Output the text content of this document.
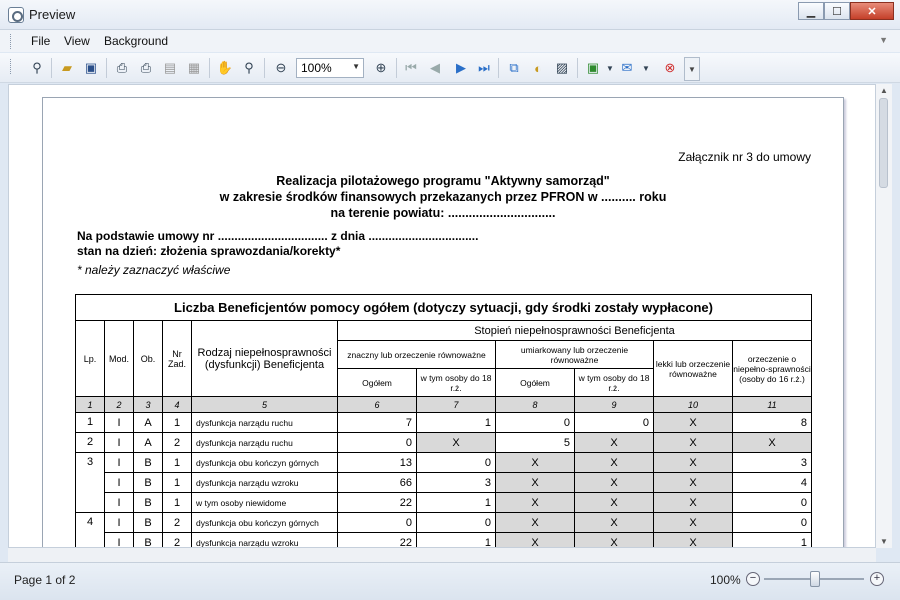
Preview	▁	☐	✕
File View Background	▼
⚲	▰ ▣ ⎙ ⎙ ▤ ▦ ✋ ⚲	⊖	100%	▼ ⊕ ⏮	◀	▶ ⏭	⧉	◐	▨ ▣ ▼ ✉	▼	⊗	▼
Załącznik nr 3 do umowy
Realizacja pilotażowego programu "Aktywny samorząd"
w zakresie środków finansowych przekazanych przez PFRON w .......... roku
na terenie powiatu: ...............................
Na podstawie umowy nr ................................. z dnia .................................
stan na dzień: złożenia sprawozdania/korekty*
* należy zaznaczyć właściwe
Liczba Beneficjentów pomocy ogółem (dotyczy sytuacji, gdy środki zostały wypłacone)										
Lp.	Mod.	Ob.	Nr Zad.	Rodzaj niepełnosprawności (dysfunkcji) Beneficjenta	Stopień niepełnosprawności Beneficjenta					
					znaczny lub orzeczenie równoważne		umiarkowany lub orzeczenie równoważne		lekki lub orzeczenie równoważne	orzeczenie o niepełno-sprawności (osoby do 16 r.ż.)
					Ogółem	w tym osoby do 18 r.ż.	Ogółem	w tym osoby do 18 r.ż.		
1	2	3	4	5	6	7	8	9	10	11
1	I	A	1	dysfunkcja narządu ruchu	7	1	0	0	X	8
2	I	A	2	dysfunkcja narządu ruchu	0	X	5	X	X	X
3	I	B	1	dysfunkcja obu kończyn górnych	13	0	X	X	X	3
	I	B	1	dysfunkcja narządu wzroku	66	3	X	X	X	4
	I	B	1	w tym osoby niewidome	22	1	X	X	X	0
4	I	B	2	dysfunkcja obu kończyn górnych	0	0	X	X	X	0
	I	B	2	dysfunkcja narządu wzroku	22	1	X	X	X	1
▲
▼
Page 1 of 2	100% −	+
